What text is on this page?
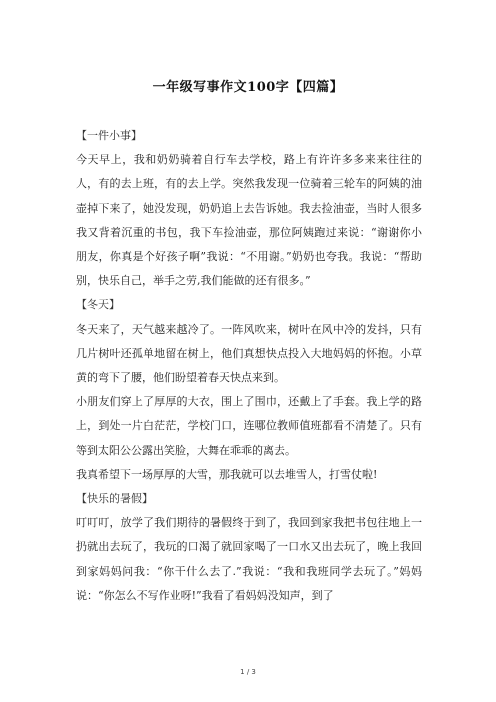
一年级写事作文100字【四篇】
【一件小事】
今天早上，我和奶奶骑着自行车去学校，路上有许许多多来来往往的人，有的去上班，有的去上学。突然我发现一位骑着三轮车的阿姨的油壶掉下来了，她没发现，奶奶追上去告诉她。我去捡油壶，当时人很多我又背着沉重的书包，我下车捡油壶，那位阿姨跑过来说：“谢谢你小朋友，你真是个好孩子啊”我说：“不用谢。”奶奶也夸我。我说：“帮助别，快乐自己，举手之劳,我们能做的还有很多。”
【冬天】
冬天来了，天气越来越冷了。一阵风吹来，树叶在风中冷的发抖，只有几片树叶还孤单地留在树上，他们真想快点投入大地妈妈的怀抱。小草黄的弯下了腰，他们盼望着春天快点来到。
小朋友们穿上了厚厚的大衣，围上了围巾，还戴上了手套。我上学的路上，到处一片白茫茫，学校门口，连哪位教师值班都看不清楚了。只有等到太阳公公露出笑脸，大舞在乖乖的离去。
我真希望下一场厚厚的大雪，那我就可以去堆雪人，打雪仗啦!
【快乐的暑假】
叮叮叮，放学了我们期待的暑假终于到了，我回到家我把书包往地上一扔就出去玩了，我玩的口渴了就回家喝了一口水又出去玩了，晚上我回到家妈妈问我：“你干什么去了.”我说：“我和我班同学去玩了。”妈妈说：“你怎么不写作业呀!”我看了看妈妈没知声，到了
1 / 3
